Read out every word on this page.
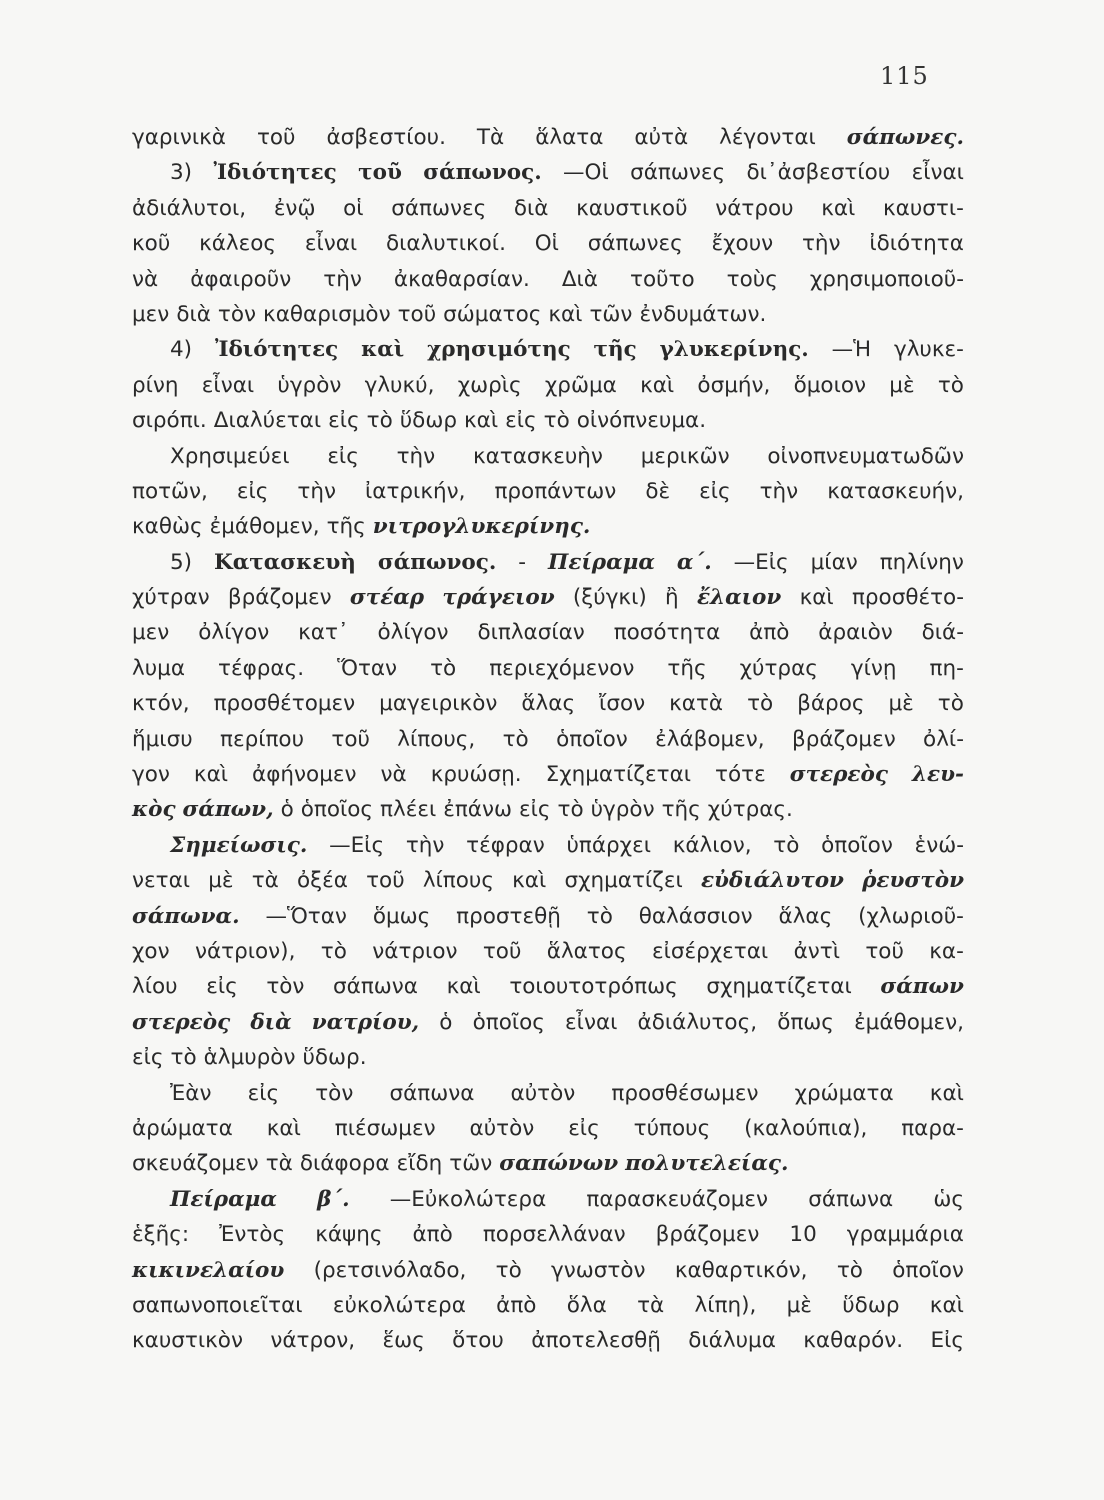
115
γαρινικὰ τοῦ ἀσβεστίου. Τὰ ἅλατα αὐτὰ λέγονται σάπωνες.
3) Ἰδιότητες τοῦ σάπωνος. —Οἱ σάπωνες δι᾽ἀσβεστίου εἶναι
ἀδιάλυτοι, ἐνῷ οἱ σάπωνες διὰ καυστικοῦ νάτρου καὶ καυστι-
κοῦ κάλεος εἶναι διαλυτικοί. Οἱ σάπωνες ἔχουν τὴν ἰδιότητα
νὰ ἀφαιροῦν τὴν ἀκαθαρσίαν. Διὰ τοῦτο τοὺς χρησιμοποιοῦ-
μεν διὰ τὸν καθαρισμὸν τοῦ σώματος καὶ τῶν ἐνδυμάτων.
4) Ἰδιότητες καὶ χρησιμότης τῆς γλυκερίνης. —Ἡ γλυκε-
ρίνη εἶναι ὑγρὸν γλυκύ, χωρὶς χρῶμα καὶ ὀσμήν, ὅμοιον μὲ τὸ
σιρόπι. Διαλύεται εἰς τὸ ὕδωρ καὶ εἰς τὸ οἰνόπνευμα.
Χρησιμεύει εἰς τὴν κατασκευὴν μερικῶν οἰνοπνευματωδῶν
ποτῶν, εἰς τὴν ἰατρικήν, προπάντων δὲ εἰς τὴν κατασκευήν,
καθὼς ἐμάθομεν, τῆς νιτρογλυκερίνης.
5) Κατασκευὴ σάπωνος. - Πείραμα α΄. —Εἰς μίαν πηλίνην
χύτραν βράζομεν στέαρ τράγειον (ξύγκι) ἢ ἔλαιον καὶ προσθέτο-
μεν ὀλίγον κατ᾽ ὀλίγον διπλασίαν ποσότητα ἀπὸ ἀραιὸν διά-
λυμα τέφρας. Ὅταν τὸ περιεχόμενον τῆς χύτρας γίνῃ πη-
κτόν, προσθέτομεν μαγειρικὸν ἅλας ἴσον κατὰ τὸ βάρος μὲ τὸ
ἥμισυ περίπου τοῦ λίπους, τὸ ὁποῖον ἐλάβομεν, βράζομεν ὀλί-
γον καὶ ἀφήνομεν νὰ κρυώσῃ. Σχηματίζεται τότε στερεὸς λευ-
κὸς σάπων, ὁ ὁποῖος πλέει ἐπάνω εἰς τὸ ὑγρὸν τῆς χύτρας.
Σημείωσις. —Εἰς τὴν τέφραν ὑπάρχει κάλιον, τὸ ὁποῖον ἑνώ-
νεται μὲ τὰ ὀξέα τοῦ λίπους καὶ σχηματίζει εὐδιάλυτον ῥευστὸν
σάπωνα. —Ὅταν ὅμως προστεθῇ τὸ θαλάσσιον ἅλας (χλωριοῦ-
χον νάτριον), τὸ νάτριον τοῦ ἅλατος εἰσέρχεται ἀντὶ τοῦ κα-
λίου εἰς τὸν σάπωνα καὶ τοιουτοτρόπως σχηματίζεται σάπων
στερεὸς διὰ νατρίου, ὁ ὁποῖος εἶναι ἀδιάλυτος, ὅπως ἐμάθομεν,
εἰς τὸ ἁλμυρὸν ὕδωρ.
Ἐὰν εἰς τὸν σάπωνα αὐτὸν προσθέσωμεν χρώματα καὶ
ἀρώματα καὶ πιέσωμεν αὐτὸν εἰς τύπους (καλούπια), παρα-
σκευάζομεν τὰ διάφορα εἴδη τῶν σαπώνων πολυτελείας.
Πείραμα β΄. —Εὐκολώτερα παρασκευάζομεν σάπωνα ὡς
ἑξῆς: Ἐντὸς κάψης ἀπὸ πορσελλάναν βράζομεν 10 γραμμάρια
κικινελαίου (ρετσινόλαδο, τὸ γνωστὸν καθαρτικόν, τὸ ὁποῖον
σαπωνοποιεῖται εὐκολώτερα ἀπὸ ὅλα τὰ λίπη), μὲ ὕδωρ καὶ
καυστικὸν νάτρον, ἕως ὅτου ἀποτελεσθῇ διάλυμα καθαρόν. Εἰς
